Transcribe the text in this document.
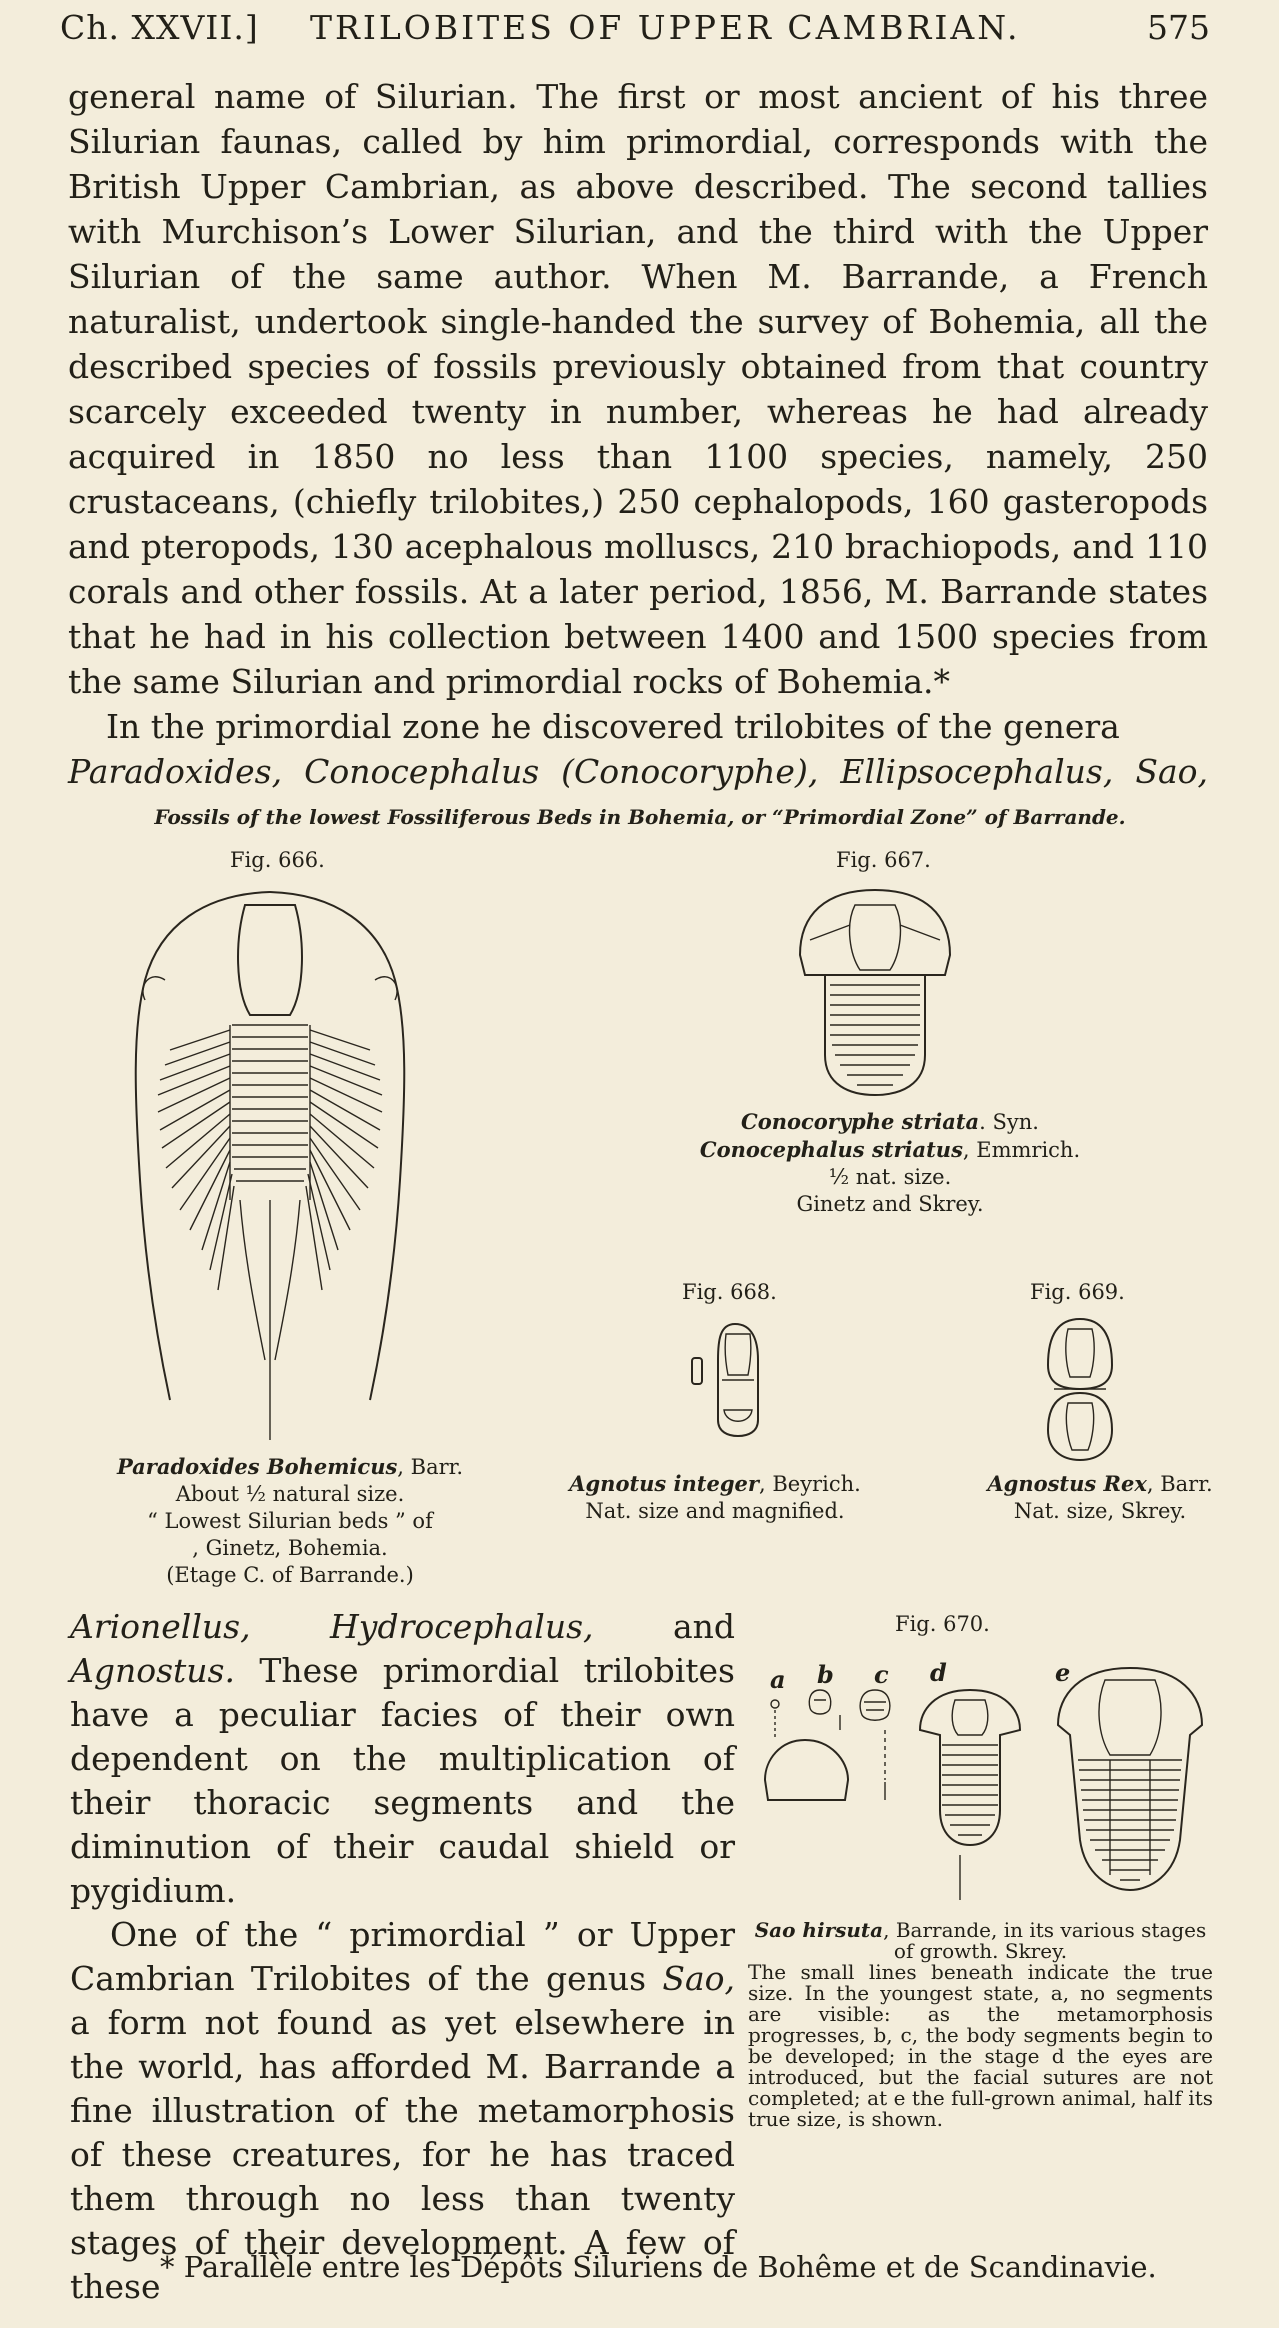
Ch. XXVII.] TRILOBITES OF UPPER CAMBRIAN.	575

general name of Silurian. The first or most ancient of his three Silurian faunas, called by him primordial, corresponds with the British Upper Cambrian, as above described. The second tallies with Murchison’s Lower Silurian, and the third with the Upper Silurian of the same author. When M. Barrande, a French naturalist, undertook single-handed the survey of Bohemia, all the described species of fossils previously obtained from that country scarcely exceeded twenty in number, whereas he had already acquired in 1850 no less than 1100 species, namely, 250 crustaceans, (chiefly trilobites,) 250 cephalopods, 160 gasteropods and pteropods, 130 acephalous molluscs, 210 brachiopods, and 110 corals and other fossils. At a later period, 1856, M. Barrande states that he had in his collection between 1400 and 1500 species from the same Silurian and primordial rocks of Bohemia.*

In the primordial zone he discovered trilobites of the genera

Paradoxides, Conocephalus (Conocoryphe), Ellipsocephalus, Sao,

Fossils of the lowest Fossiliferous Beds in Bohemia, or “Primordial Zone” of Barrande.
Fig. 666.
Paradoxides Bohemicus, Barr.
About ½ natural size.
“ Lowest Silurian beds ” of
, Ginetz, Bohemia.
(Etage C. of Barrande.)
Fig. 667.
Conocoryphe striata. Syn.
Conocephalus striatus, Emmrich.
½ nat. size.
Ginetz and Skrey.
Fig. 668.
Agnotus integer, Beyrich.
Nat. size and magnified.
Fig. 669.
Agnostus Rex, Barr.
Nat. size, Skrey.

Arionellus, Hydrocephalus, and Agnostus. These primordial trilobites have a peculiar facies of their own dependent on the multiplication of their thoracic segments and the diminution of their caudal shield or pygidium.

One of the “ primordial ” or Upper Cambrian Trilobites of the genus Sao, a form not found as yet elsewhere in the world, has afforded M. Barrande a fine illustration of the metamorphosis of these creatures, for he has traced them through no less than twenty stages of their development. A few of these

Fig. 670.
a b c d	e

Sao hirsuta, Barrande, in its various stages of growth. Skrey.

The small lines beneath indicate the true size. In the youngest state, a, no segments are visible: as the metamorphosis progresses, b, c, the body segments begin to be developed; in the stage d the eyes are introduced, but the facial sutures are not completed; at e the full-grown animal, half its true size, is shown.

* Parallèle entre les Dépôts Siluriens de Bohême et de Scandinavie.
